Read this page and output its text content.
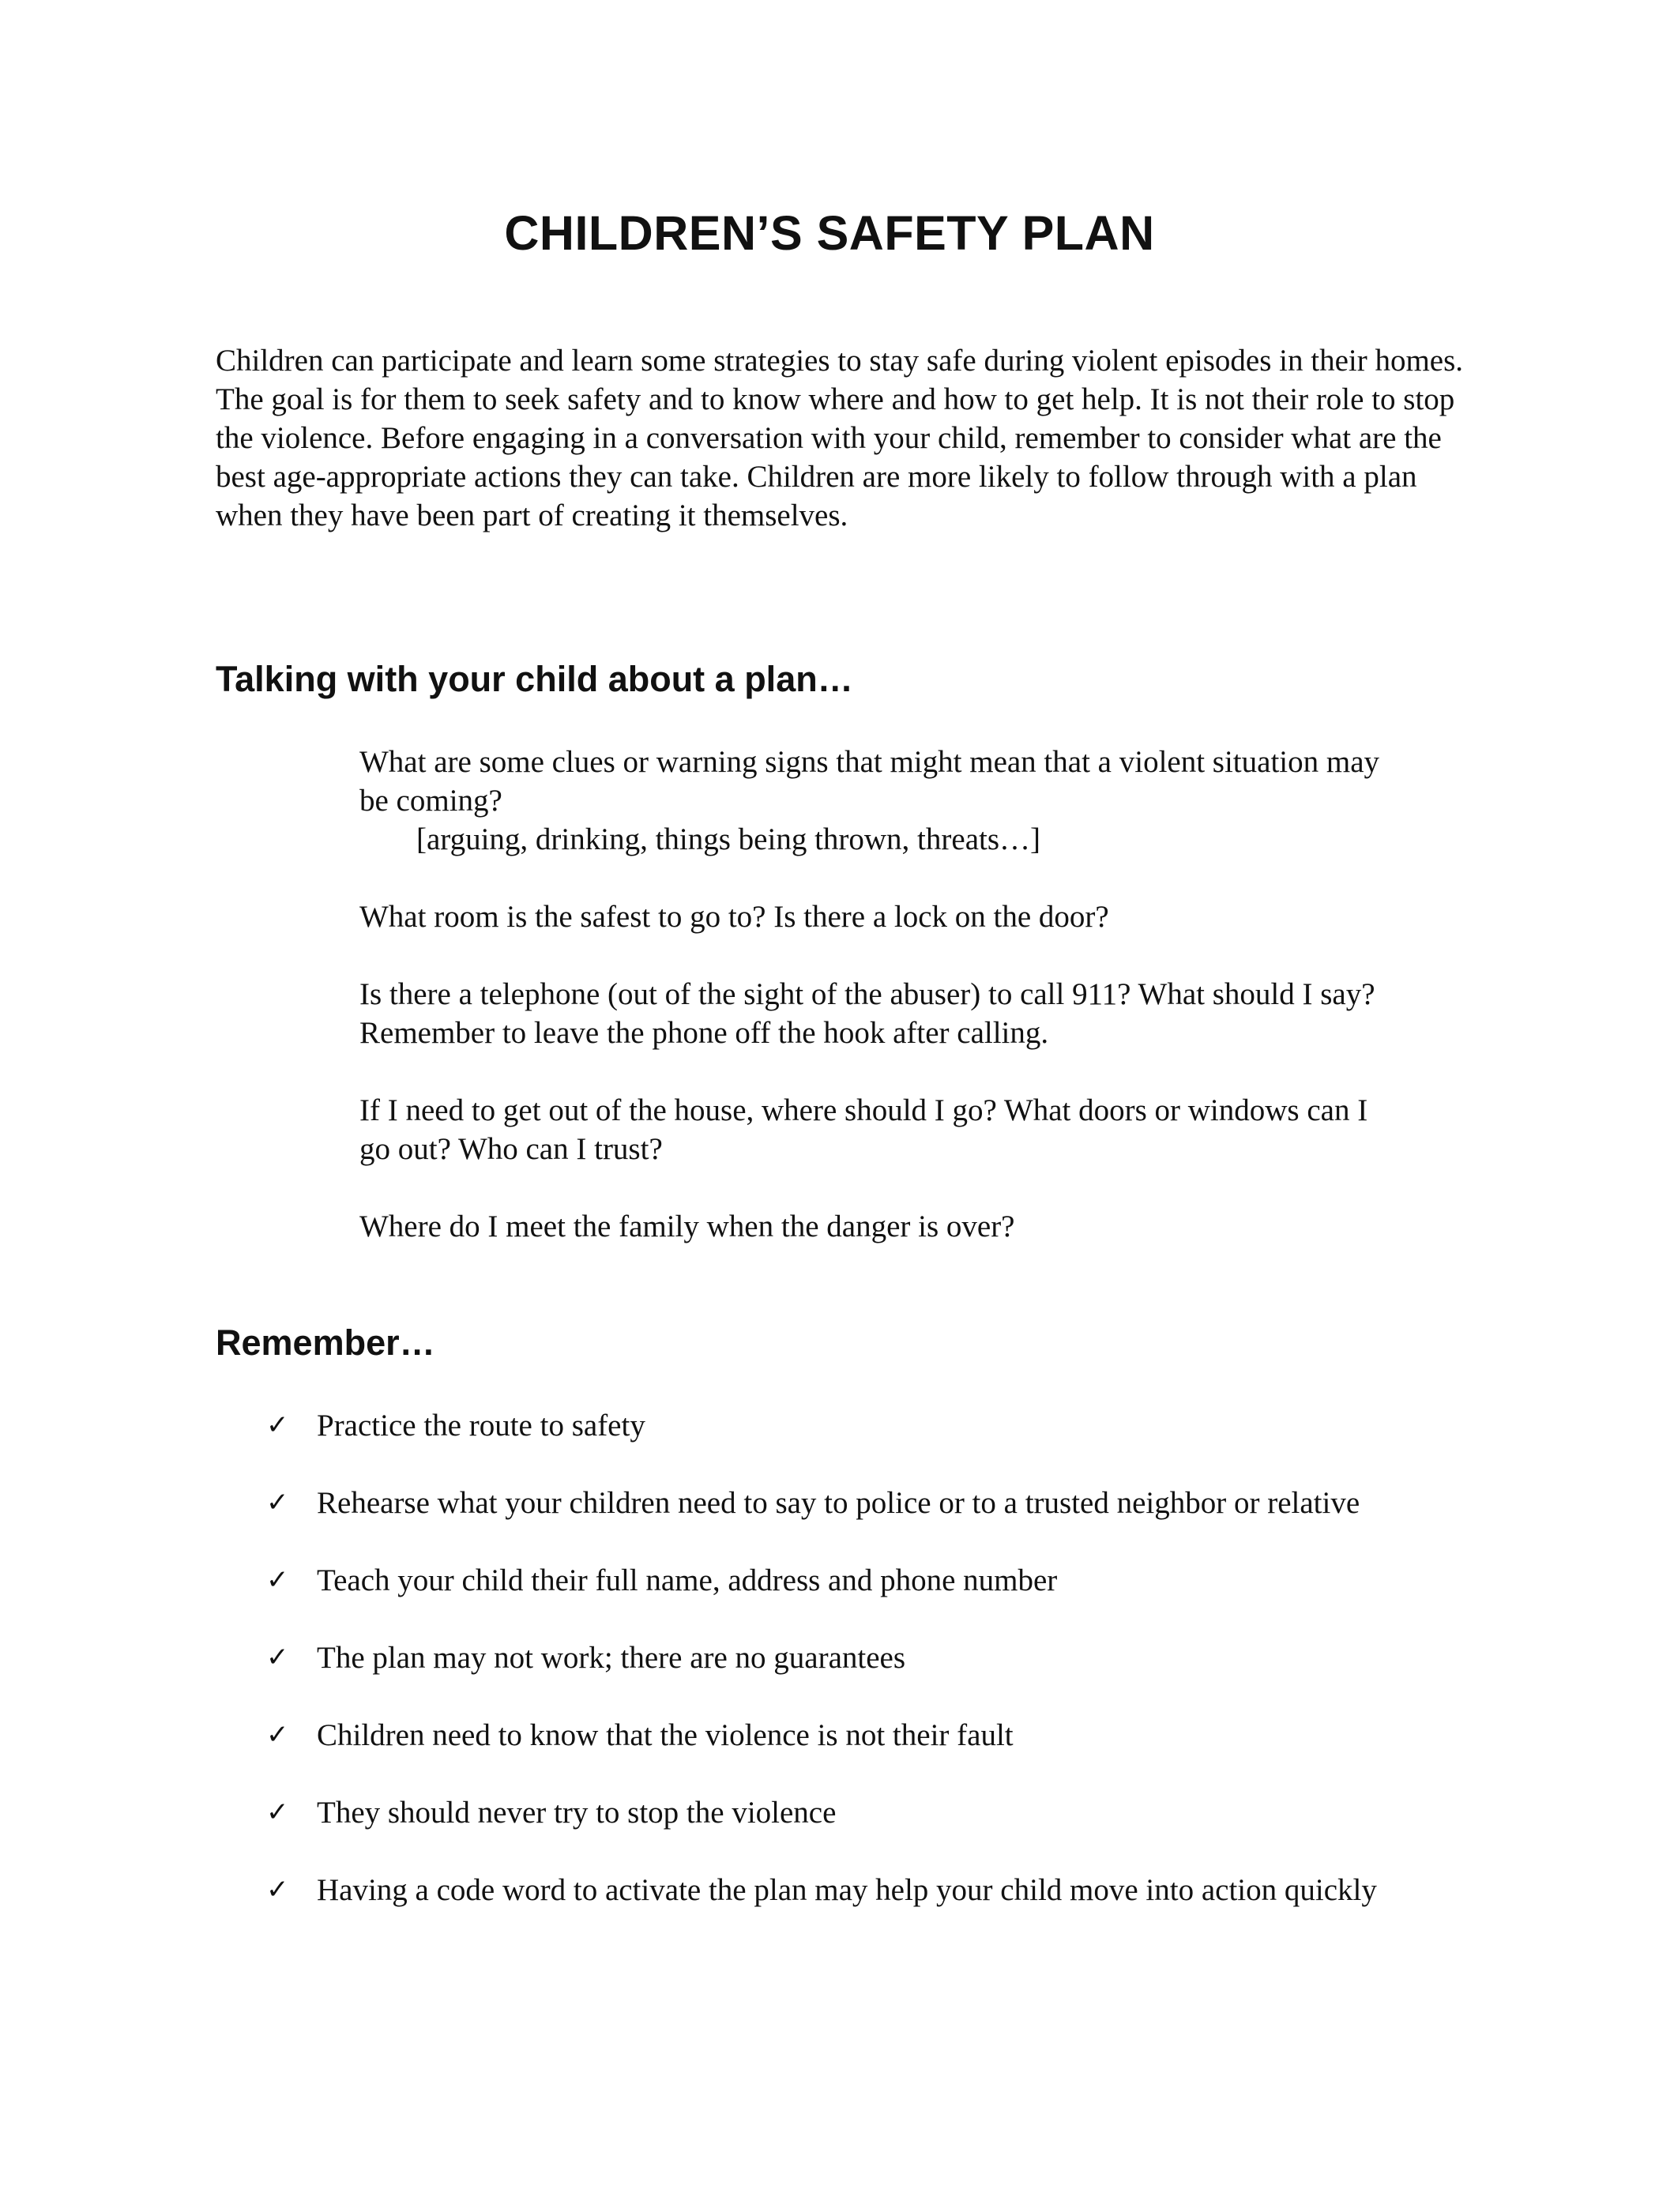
CHILDREN’S SAFETY PLAN

Children can participate and learn some strategies to stay safe during violent episodes in their homes. The goal is for them to seek safety and to know where and how to get help. It is not their role to stop the violence. Before engaging in a conversation with your child, remember to consider what are the best age-appropriate actions they can take. Children are more likely to follow through with a plan when they have been part of creating it themselves.

Talking with your child about a plan…
What are some clues or warning signs that might mean that a violent situation may be coming?
[arguing, drinking, things being thrown, threats…]
What room is the safest to go to? Is there a lock on the door?
Is there a telephone (out of the sight of the abuser) to call 911? What should I say? Remember to leave the phone off the hook after calling.
If I need to get out of the house, where should I go? What doors or windows can I go out? Who can I trust?
Where do I meet the family when the danger is over?
Remember…
✓ Practice the route to safety
✓ Rehearse what your children need to say to police or to a trusted neighbor or relative
✓ Teach your child their full name, address and phone number
✓ The plan may not work; there are no guarantees
✓ Children need to know that the violence is not their fault
✓ They should never try to stop the violence
✓ Having a code word to activate the plan may help your child move into action quickly
